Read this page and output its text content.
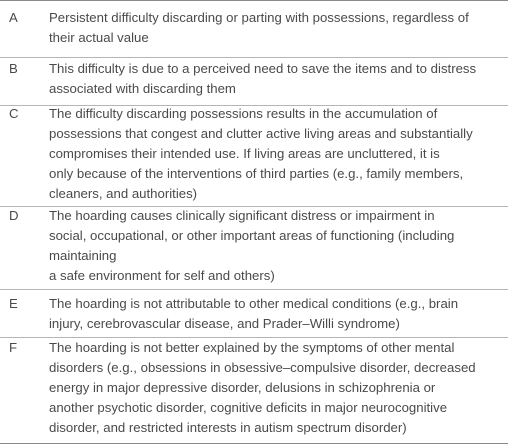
A Persistent difficulty discarding or parting with possessions, regardless of
their actual value
B This difficulty is due to a perceived need to save the items and to distress
associated with discarding them
C The difficulty discarding possessions results in the accumulation of
possessions that congest and clutter active living areas and substantially
compromises their intended use. If living areas are uncluttered, it is
only because of the interventions of third parties (e.g., family members,
cleaners, and authorities)
D The hoarding causes clinically significant distress or impairment in
social, occupational, or other important areas of functioning (including
maintaining
a safe environment for self and others)
E The hoarding is not attributable to other medical conditions (e.g., brain
injury, cerebrovascular disease, and Prader–Willi syndrome)
F The hoarding is not better explained by the symptoms of other mental
disorders (e.g., obsessions in obsessive–compulsive disorder, decreased
energy in major depressive disorder, delusions in schizophrenia or
another psychotic disorder, cognitive deficits in major neurocognitive
disorder, and restricted interests in autism spectrum disorder)
